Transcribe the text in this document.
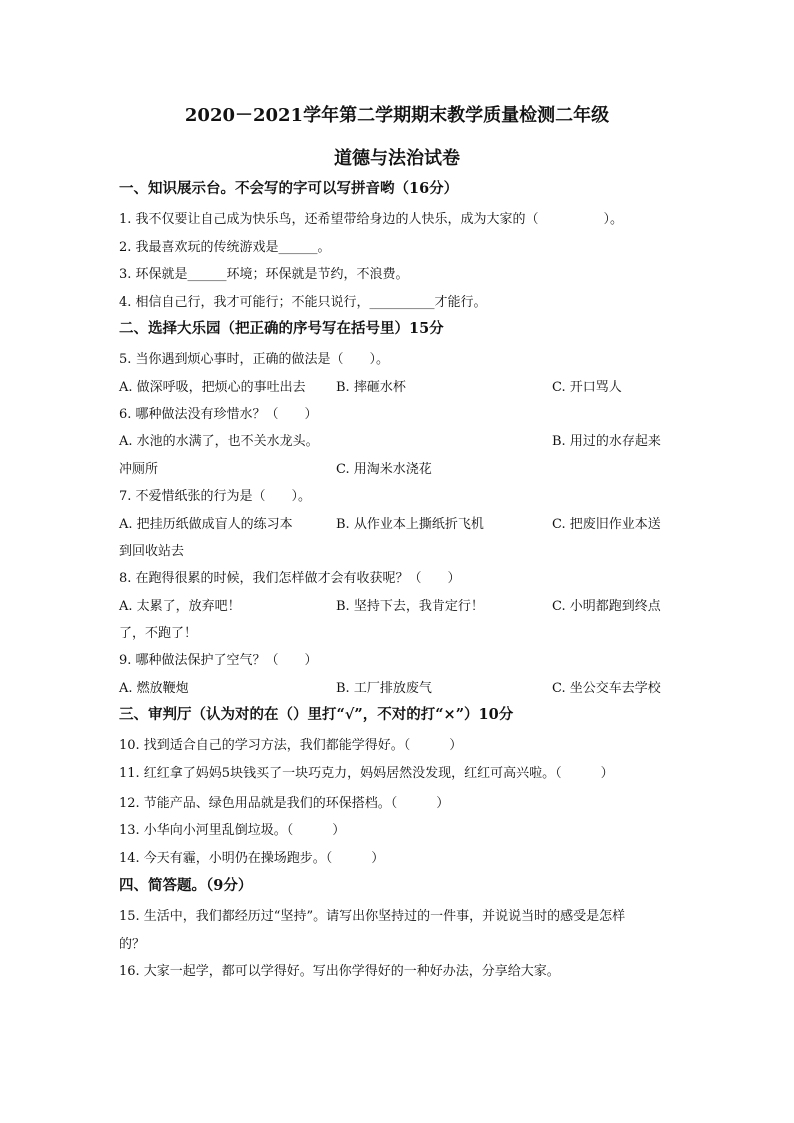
2020－2021学年第二学期期末教学质量检测二年级
道德与法治试卷
一、知识展示台。不会写的字可以写拼音哟（16分）
1. 我不仅要让自己成为快乐鸟，还希望带给身边的人快乐，成为大家的（　　　　　）。
2. 我最喜欢玩的传统游戏是______。
3. 环保就是______环境；环保就是节约，不浪费。
4. 相信自己行，我才可能行；不能只说行，__________才能行。
二、选择大乐园（把正确的序号写在括号里）15分
5. 当你遇到烦心事时，正确的做法是（　　）。
A. 做深呼吸，把烦心的事吐出去 B. 摔砸水杯	C. 开口骂人
6. 哪种做法没有珍惜水？（　　）
A. 水池的水满了，也不关水龙头。	B. 用过的水存起来
冲厕所	C. 用淘米水浇花
7. 不爱惜纸张的行为是（　　）。
A. 把挂历纸做成盲人的练习本	B. 从作业本上撕纸折飞机	C. 把废旧作业本送
到回收站去
8. 在跑得很累的时候，我们怎样做才会有收获呢？（　　）
A. 太累了，放弃吧！	B. 坚持下去，我肯定行！	C. 小明都跑到终点
了，不跑了！
9. 哪种做法保护了空气？（　　）
A. 燃放鞭炮	B. 工厂排放废气	C. 坐公交车去学校
三、审判厅（认为对的在（）里打“√”，不对的打“×”）10分
10. 找到适合自己的学习方法，我们都能学得好。（　　　）
11. 红红拿了妈妈5块钱买了一块巧克力，妈妈居然没发现，红红可高兴啦。（　　　）
12. 节能产品、绿色用品就是我们的环保搭档。（　　　）
13. 小华向小河里乱倒垃圾。（　　　）
14. 今天有霾，小明仍在操场跑步。（　　　）
四、简答题。（9分）
15. 生活中，我们都经历过“坚持”。请写出你坚持过的一件事，并说说当时的感受是怎样
的？
16. 大家一起学，都可以学得好。写出你学得好的一种好办法，分享给大家。
